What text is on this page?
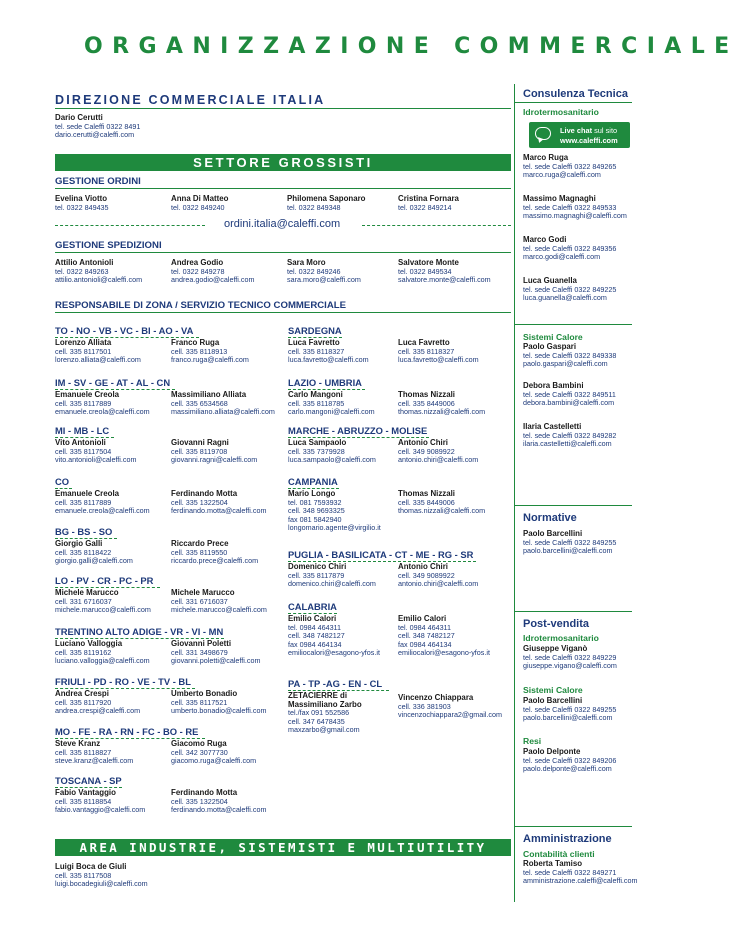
ORGANIZZAZIONE COMMERCIALE
DIREZIONE COMMERCIALE ITALIA
Dario Cerutti
tel. sede Caleffi 0322 8491
dario.cerutti@caleffi.com
SETTORE GROSSISTI
GESTIONE ORDINI
Evelina Viotto
tel. 0322 849435
Anna Di Matteo
tel. 0322 849240
Philomena Saponaro
tel. 0322 849348
Cristina Fornara
tel. 0322 849214
ordini.italia@caleffi.com
GESTIONE SPEDIZIONI
Attilio Antonioli
tel. 0322 849263
attilio.antonioli@caleffi.com
Andrea Godio
tel. 0322 849278
andrea.godio@caleffi.com
Sara Moro
tel. 0322 849246
sara.moro@caleffi.com
Salvatore Monte
tel. 0322 849534
salvatore.monte@caleffi.com
RESPONSABILE DI ZONA / SERVIZIO TECNICO COMMERCIALE
TO - NO - VB - VC - BI - AO - VA
Lorenzo Alliata
cell. 335 8117501
lorenzo.alliata@caleffi.com
Franco Ruga
cell. 335 8118913
franco.ruga@caleffi.com
IM - SV - GE - AT - AL - CN
Emanuele Creola
cell. 335 8117889
emanuele.creola@caleffi.com
Massimiliano Alliata
cell. 335 6534568
massimiliano.alliata@caleffi.com
MI - MB - LC
Vito Antonioli
cell. 335 8117504
vito.antonioli@caleffi.com
Giovanni Ragni
cell. 335 8119708
giovanni.ragni@caleffi.com
CO
Emanuele Creola
cell. 335 8117889
emanuele.creola@caleffi.com
Ferdinando Motta
cell. 335 1322504
ferdinando.motta@caleffi.com
BG - BS - SO
Giorgio Galli
cell. 335 8118422
giorgio.galli@caleffi.com
Riccardo Prece
cell. 335 8119550
riccardo.prece@caleffi.com
LO - PV - CR - PC - PR
Michele Marucco
cell. 331 6716037
michele.marucco@caleffi.com
Michele Marucco
cell. 331 6716037
michele.marucco@caleffi.com
TRENTINO ALTO ADIGE - VR - VI - MN
Luciano Valloggia
cell. 335 8119162
luciano.valloggia@caleffi.com
Giovanni Poletti
cell. 331 3498679
giovanni.poletti@caleffi.com
FRIULI - PD - RO - VE - TV - BL
Andrea Crespi
cell. 335 8117920
andrea.crespi@caleffi.com
Umberto Bonadio
cell. 335 8117521
umberto.bonadio@caleffi.com
MO - FE - RA - RN - FC - BO - RE
Steve Kranz
cell. 335 8118827
steve.kranz@caleffi.com
Giacomo Ruga
cell. 342 3077730
giacomo.ruga@caleffi.com
TOSCANA - SP
Fabio Vantaggio
cell. 335 8118854
fabio.vantaggio@caleffi.com
Ferdinando Motta
cell. 335 1322504
ferdinando.motta@caleffi.com
SARDEGNA
Luca Favretto
cell. 335 8118327
luca.favretto@caleffi.com
Luca Favretto
cell. 335 8118327
luca.favretto@caleffi.com
LAZIO - UMBRIA
Carlo Mangoni
cell. 335 8118785
carlo.mangoni@caleffi.com
Thomas Nizzali
cell. 335 8449006
thomas.nizzali@caleffi.com
MARCHE - ABRUZZO - MOLISE
Luca Sampaolo
cell. 335 7379928
luca.sampaolo@caleffi.com
Antonio Chiri
cell. 349 9089922
antonio.chiri@caleffi.com
CAMPANIA
Mario Longo
tel. 081 7593932
cell. 348 9693325
fax 081 5842940
longomario.agente@virgilio.it
Thomas Nizzali
cell. 335 8449006
thomas.nizzali@caleffi.com
PUGLIA - BASILICATA - CT - ME - RG - SR
Domenico Chiri
cell. 335 8117879
domenico.chiri@caleffi.com
Antonio Chiri
cell. 349 9089922
antonio.chiri@caleffi.com
CALABRIA
Emilio Calori
tel. 0984 464311
cell. 348 7482127
fax 0984 464134
emiliocalori@esagono-yfos.it
Emilio Calori
tel. 0984 464311
cell. 348 7482127
fax 0984 464134
emiliocalori@esagono-yfos.it
PA - TP -AG - EN - CL
ZETACIERRE di
Massimiliano Zarbo
tel./fax 091 552586
cell. 347 6478435
maxzarbo@gmail.com
Vincenzo Chiappara
cell. 336 381903
vincenzochiappara2@gmail.com
AREA INDUSTRIE, SISTEMISTI E MULTIUTILITY
Luigi Boca de Giuli
cell. 335 8117508
luigi.bocadegiuli@caleffi.com
Consulenza Tecnica
Idrotermosanitario
Live chat sul sito
www.caleffi.com
Marco Ruga
tel. sede Caleffi 0322 849265
marco.ruga@caleffi.com
Massimo Magnaghi
tel. sede Caleffi 0322 849533
massimo.magnaghi@caleffi.com
Marco Godi
tel. sede Caleffi 0322 849356
marco.godi@caleffi.com
Luca Guanella
tel. sede Caleffi 0322 849225
luca.guanella@caleffi.com
Sistemi Calore
Paolo Gaspari
tel. sede Caleffi 0322 849338
paolo.gaspari@caleffi.com
Debora Bambini
tel. sede Caleffi 0322 849511
debora.bambini@caleffi.com
Ilaria Castelletti
tel. sede Caleffi 0322 849282
ilaria.castelletti@caleffi.com
Normative
Paolo Barcellini
tel. sede Caleffi 0322 849255
paolo.barcellini@caleffi.com
Post-vendita
Idrotermosanitario
Giuseppe Viganò
tel. sede Caleffi 0322 849229
giuseppe.vigano@caleffi.com
Sistemi Calore
Paolo Barcellini
tel. sede Caleffi 0322 849255
paolo.barcellini@caleffi.com
Resi
Paolo Delponte
tel. sede Caleffi 0322 849206
paolo.delponte@caleffi.com
Amministrazione
Contabilità clienti
Roberta Tamiso
tel. sede Caleffi 0322 849271
amministrazione.caleffi@caleffi.com
